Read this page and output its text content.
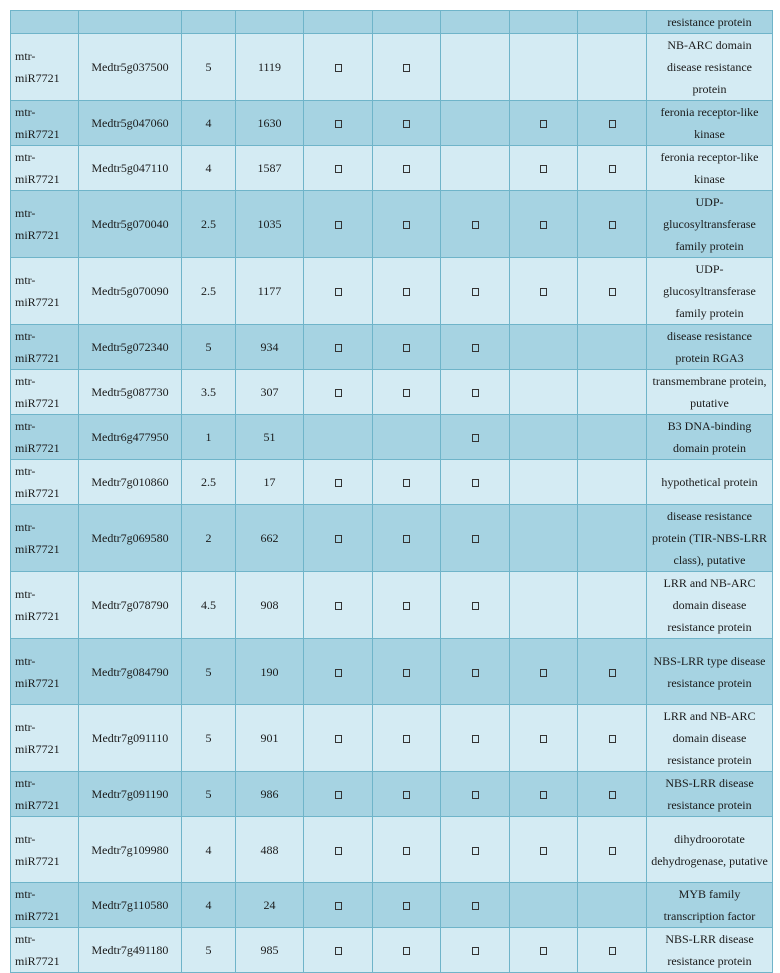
									resistance protein
mtr-miR7721	Medtr5g037500	5	1119						NB-ARC domain disease resistance protein
mtr-miR7721	Medtr5g047060	4	1630						feronia receptor-like kinase
mtr-miR7721	Medtr5g047110	4	1587						feronia receptor-like kinase
mtr-miR7721	Medtr5g070040	2.5	1035						UDP-glucosyltransferase family protein
mtr-miR7721	Medtr5g070090	2.5	1177						UDP-glucosyltransferase family protein
mtr-miR7721	Medtr5g072340	5	934						disease resistance protein RGA3
mtr-miR7721	Medtr5g087730	3.5	307						transmembrane protein, putative
mtr-miR7721	Medtr6g477950	1	51						B3 DNA-binding domain protein
mtr-miR7721	Medtr7g010860	2.5	17						hypothetical protein
mtr-miR7721	Medtr7g069580	2	662						disease resistance protein (TIR-NBS-LRR class), putative
mtr-miR7721	Medtr7g078790	4.5	908						LRR and NB-ARC domain disease resistance protein
mtr-miR7721	Medtr7g084790	5	190						NBS-LRR type disease resistance protein
mtr-miR7721	Medtr7g091110	5	901						LRR and NB-ARC domain disease resistance protein
mtr-miR7721	Medtr7g091190	5	986						NBS-LRR disease resistance protein
mtr-miR7721	Medtr7g109980	4	488						dihydroorotate dehydrogenase, putative
mtr-miR7721	Medtr7g110580	4	24						MYB family transcription factor
mtr-miR7721	Medtr7g491180	5	985						NBS-LRR disease resistance protein
